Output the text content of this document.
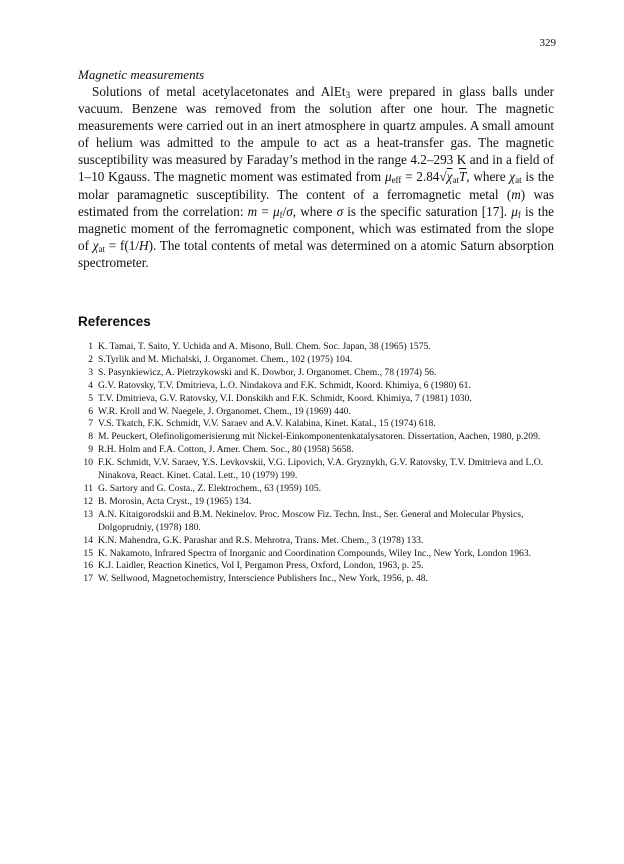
329
Magnetic measurements

Solutions of metal acetylacetonates and AlEt$_3$ were prepared in glass balls under vacuum. Benzene was removed from the solution after one hour. The magnetic measurements were carried out in an inert atmosphere in quartz ampules. A small amount of helium was admitted to the ampule to act as a heat-transfer gas. The magnetic susceptibility was measured by Faraday’s method in the range 4.2–293 K and in a field of 1–10 Kgauss. The magnetic moment was estimated from $\mu_{eff} = 2.84√\chi_{at}\overline{T}$, where $\chi_{at}$ is the molar paramagnetic susceptibility. The content of a ferromagnetic metal (m) was estimated from the correlation: $m = \mu_f/\sigma$, where σ is the specific saturation [17]. $\mu_f$ is the magnetic moment of the ferromagnetic component, which was estimated from the slope of $\chi_{at} = f(1/H)$. The total contents of metal was determined on a atomic Saturn absorption spectrometer.

References
1 K. Tamai, T. Saito, Y. Uchida and A. Misono, Bull. Chem. Soc. Japan, 38 (1965) 1575.
2 S.Tyrlik and M. Michalski, J. Organomet. Chem., 102 (1975) 104.
3 S. Pasynkiewicz, A. Pietrzykowski and K. Dowbor, J. Organomet. Chem., 78 (1974) 56.
4 G.V. Ratovsky, T.V. Dmitrieva, L.O. Nindakova and F.K. Schmidt, Koord. Khimiya, 6 (1980) 61.
5 T.V. Dmitrieva, G.V. Ratovsky, V.I. Donskikh and F.K. Schmidt, Koord. Khimiya, 7 (1981) 1030.
6 W.R. Kroll and W. Naegele, J. Organomet. Chem., 19 (1969) 440.
7 V.S. Tkatch, F.K. Schmidt, V.V. Saraev and A.V. Kalabina, Kinet. Katal., 15 (1974) 618.
8 M. Peuckert, Olefinoligomerisierung mit Nickel-Einkomponentenkatalysatoren. Dissertation, Aachen, 1980, p.209.
9 R.H. Holm and F.A. Cotton, J. Amer. Chem. Soc., 80 (1958) 5658.
10 F.K. Schmidt, V.V. Saraev, Y.S. Levkovskii, V.G. Lipovich, V.A. Gryznykh, G.V. Ratovsky, T.V. Dmitrieva and L.O. Ninakova, React. Kinet. Catal. Lett., 10 (1979) 199.
11 G. Sartory and G. Costa., Z. Elektrochem., 63 (1959) 105.
12 B. Morosin, Acta Cryst., 19 (1965) 134.
13 A.N. Kitaigorodskii and B.M. Nekinelov. Proc. Moscow Fiz. Techn. Inst., Ser. General and Molecular Physics, Dolgoprudniy, (1978) 180.
14 K.N. Mahendra, G.K. Parashar and R.S. Mehrotra, Trans. Met. Chem., 3 (1978) 133.
15 K. Nakamoto, Infrared Spectra of Inorganic and Coordination Compounds, Wiley Inc., New York, London 1963.
16 K.J. Laidler, Reaction Kinetics, Vol I, Pergamon Press, Oxford, London, 1963, p. 25.
17 W. Sellwood, Magnetochemistry, Interscience Publishers Inc., New York, 1956, p. 48.
